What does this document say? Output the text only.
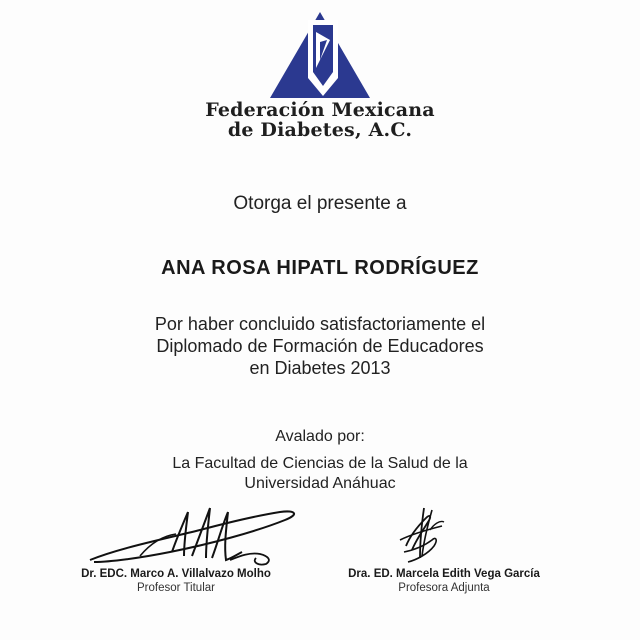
Federación Mexicana
de Diabetes, A.C.
Otorga el presente a
ANA ROSA HIPATL RODRÍGUEZ
Por haber concluido satisfactoriamente el
Diplomado de Formación de Educadores
en Diabetes 2013
Avalado por:
La Facultad de Ciencias de la Salud de la
Universidad Anáhuac
Dr. EDC. Marco A. Villalvazo Molho
Profesor Titular
Dra. ED. Marcela Edith Vega García
Profesora Adjunta
